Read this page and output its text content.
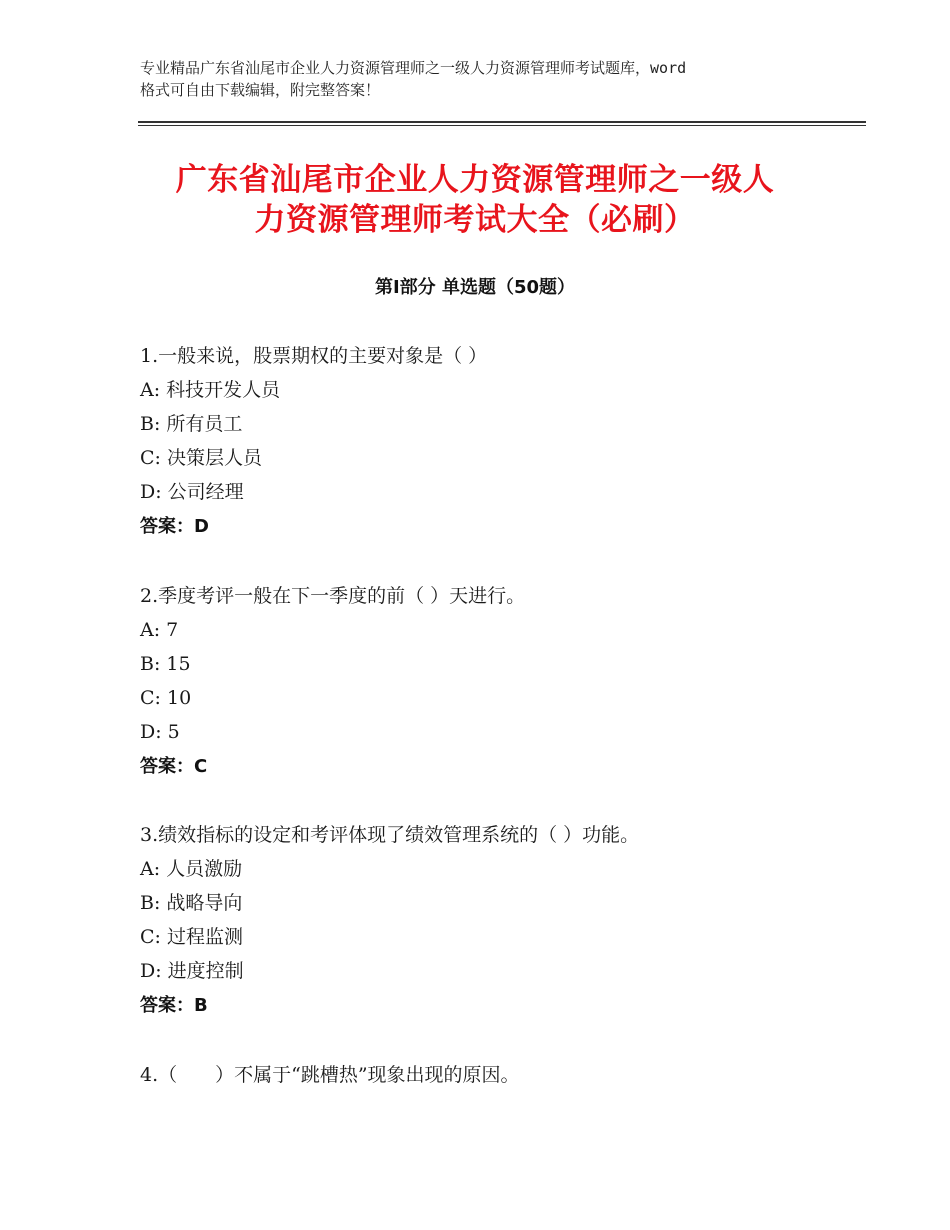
专业精品广东省汕尾市企业人力资源管理师之一级人力资源管理师考试题库，word
格式可自由下载编辑，附完整答案！
广东省汕尾市企业人力资源管理师之一级人
力资源管理师考试大全（必刷）
第Ⅰ部分 单选题（50题）
1.一般来说，股票期权的主要对象是（ ）
A: 科技开发人员
B: 所有员工
C: 决策层人员
D: 公司经理
答案：D
2.季度考评一般在下一季度的前（ ）天进行。
A: 7
B: 15
C: 10
D: 5
答案：C
3.绩效指标的设定和考评体现了绩效管理系统的（ ）功能。
A: 人员激励
B: 战略导向
C: 过程监测
D: 进度控制
答案：B
4.（　　）不属于“跳槽热”现象出现的原因。
